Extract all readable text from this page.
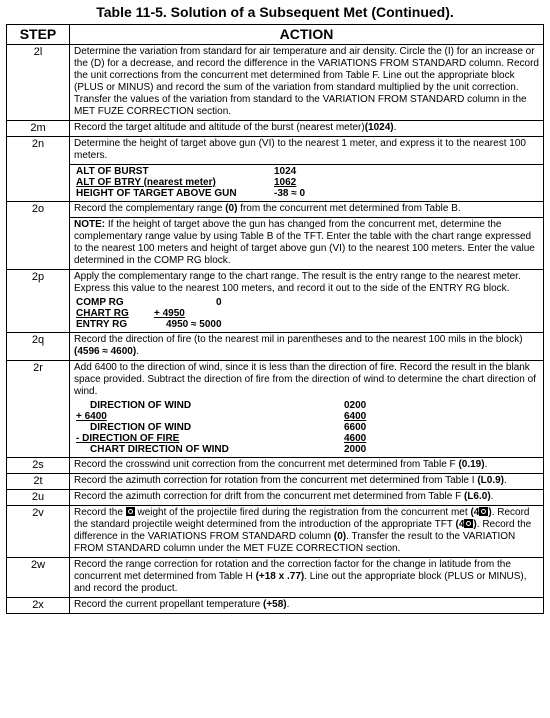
Table 11-5. Solution of a Subsequent Met (Continued).
STEP	ACTION
2l	Determine the variation from standard for air temperature and air density. Circle the (I) for an increase or the (D) for a decrease, and record the difference in the VARIATIONS FROM STANDARD column. Record the unit corrections from the concurrent met determined from Table F. Line out the appropriate block (PLUS or MINUS) and record the sum of the variation from standard multiplied by the unit correction. Transfer the values of the variation from standard to the VARIATION FROM STANDARD column in the MET FUZE CORRECTION section.
2m	Record the target altitude and altitude of the burst (nearest meter)(1024).
2n	Determine the height of target above gun (VI) to the nearest 1 meter, and express it to the nearest 100 meters.

ALT OF BURST	1024
ALT OF BTRY (nearest meter)	1062
HEIGHT OF TARGET ABOVE GUN	-38 ≈ 0

2o	Record the complementary range (0) from the concurrent met determined from Table B.
NOTE: If the height of target above the gun has changed from the concurrent met, determine the complementary range value by using Table B of the TFT. Enter the table with the chart range expressed to the nearest 100 meters and height of target above gun (VI) to the nearest 100 meters. Enter the value determined in the COMP RG block.
2p	Apply the complementary range to the chart range. The result is the entry range to the nearest meter. Express this value to the nearest 100 meters, and record it out to the side of the ENTRY RG block.
COMP RG	0
CHART RG	+ 4950
ENTRY RG	4950 ≈ 5000

2q	Record the direction of fire (to the nearest mil in parentheses and to the nearest 100 mils in the block) (4596 ≈ 4600).
2r	Add 6400 to the direction of wind, since it is less than the direction of fire. Record the result in the blank space provided. Subtract the direction of fire from the direction of wind to determine the chart direction of wind.
DIRECTION OF WIND	0200
+ 6400	6400
DIRECTION OF WIND	6600
- DIRECTION OF FIRE	4600
CHART DIRECTION OF WIND	2000

2s	Record the crosswind unit correction from the concurrent met determined from Table F (0.19).
2t	Record the azimuth correction for rotation from the concurrent met determined from Table I (L0.9).
2u	Record the azimuth correction for drift from the concurrent met determined from Table F (L6.0).
2v	Record the  weight of the projectile fired during the registration from the concurrent met (4 ). Record the standard projectile weight determined from the introduction of the appropriate TFT (4 ). Record the difference in the VARIATIONS FROM STANDARD column (0). Transfer the result to the VARIATION FROM STANDARD column under the MET FUZE CORRECTION section.
2w	Record the range correction for rotation and the correction factor for the change in latitude from the concurrent met determined from Table H (+18 x .77). Line out the appropriate block (PLUS or MINUS), and record the product.
2x	Record the current propellant temperature (+58).
